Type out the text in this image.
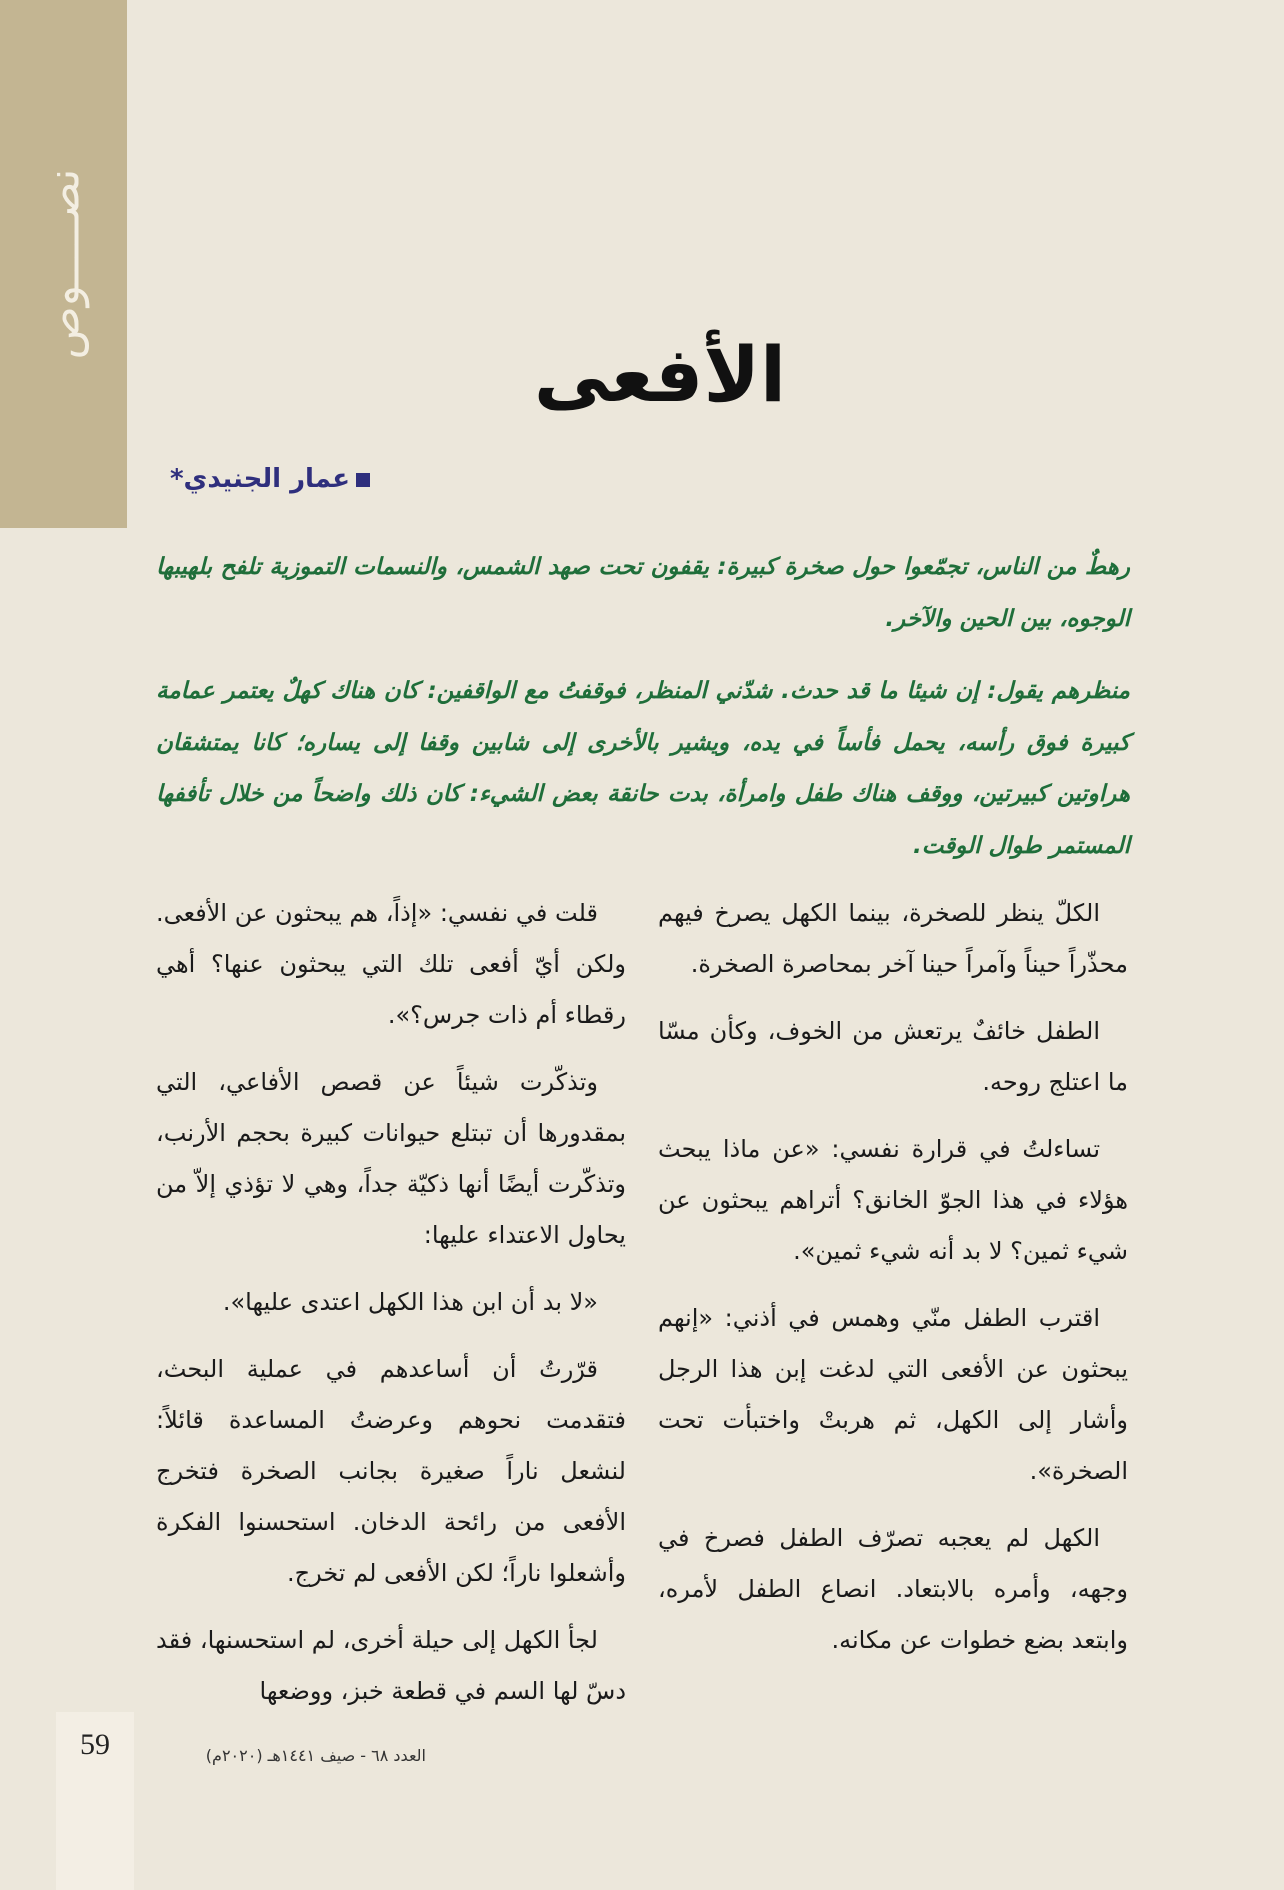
نصـــــوص
الأفعى
عمار الجنيدي*
رهطٌ من الناس، تجمّعوا حول صخرة كبيرة: يقفون تحت صهد الشمس، والنسمات التموزية تلفح بلهيبها الوجوه، بين الحين والآخر.
منظرهم يقول: إن شيئا ما قد حدث. شدّني المنظر، فوقفتُ مع الواقفين: كان هناك كهلٌ يعتمر عمامة كبيرة فوق رأسه، يحمل فأساً في يده، ويشير بالأخرى إلى شابين وقفا إلى يساره؛ كانا يمتشقان هراوتين كبيرتين، ووقف هناك طفل وامرأة، بدت حانقة بعض الشيء: كان ذلك واضحاً من خلال تأففها المستمر طوال الوقت.

الكلّ ينظر للصخرة، بينما الكهل يصرخ فيهم محذّراً حيناً وآمراً حينا آخر بمحاصرة الصخرة.

الطفل خائفٌ يرتعش من الخوف، وكأن مسّا ما اعتلج روحه.

تساءلتُ في قرارة نفسي: «عن ماذا يبحث هؤلاء في هذا الجوّ الخانق؟ أتراهم يبحثون عن شيء ثمين؟ لا بد أنه شيء ثمين».

اقترب الطفل منّي وهمس في أذني: «إنهم يبحثون عن الأفعى التي لدغت إبن هذا الرجل وأشار إلى الكهل، ثم هربتْ واختبأت تحت الصخرة».

الكهل لم يعجبه تصرّف الطفل فصرخ في وجهه، وأمره بالابتعاد. انصاع الطفل لأمره، وابتعد بضع خطوات عن مكانه.

قلت في نفسي: «إذاً، هم يبحثون عن الأفعى. ولكن أيّ أفعى تلك التي يبحثون عنها؟ أهي رقطاء أم ذات جرس؟».

وتذكّرت شيئاً عن قصص الأفاعي، التي بمقدورها أن تبتلع حيوانات كبيرة بحجم الأرنب، وتذكّرت أيضًا أنها ذكيّة جداً، وهي لا تؤذي إلاّ من يحاول الاعتداء عليها:

«لا بد أن ابن هذا الكهل اعتدى عليها».

قرّرتُ أن أساعدهم في عملية البحث، فتقدمت نحوهم وعرضتُ المساعدة قائلاً: لنشعل ناراً صغيرة بجانب الصخرة فتخرج الأفعى من رائحة الدخان. استحسنوا الفكرة وأشعلوا ناراً؛ لكن الأفعى لم تخرج.

لجأ الكهل إلى حيلة أخرى، لم استحسنها، فقد دسّ لها السم في قطعة خبز، ووضعها

59	العدد ٦٨ - صيف ١٤٤١هـ (٢٠٢٠م)
